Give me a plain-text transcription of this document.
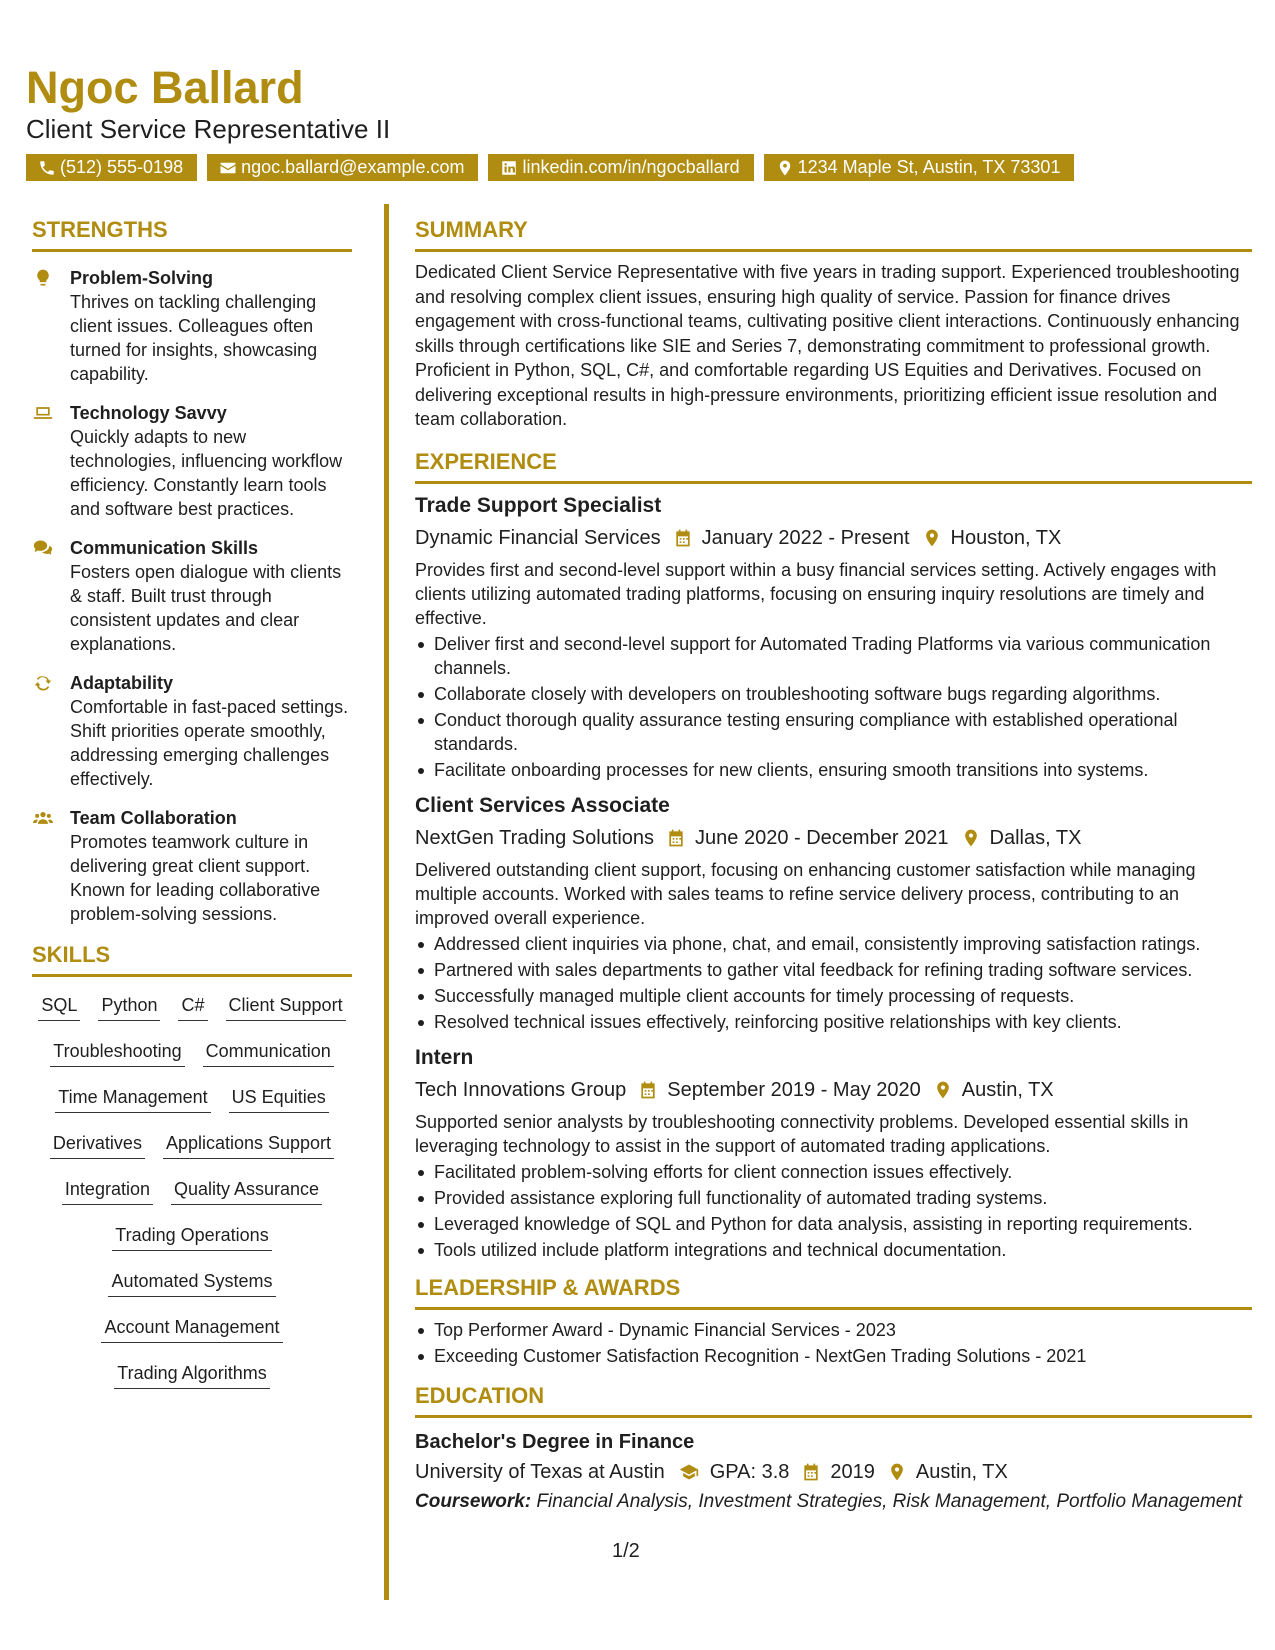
Ngoc Ballard
Client Service Representative II
(512) 555-0198	ngoc.ballard@example.com	linkedin.com/in/ngocballard	1234 Maple St, Austin, TX 73301
STRENGTHS
Problem-Solving
Thrives on tackling challenging client issues. Colleagues often turned for insights, showcasing capability.
Technology Savvy
Quickly adapts to new technologies, influencing workflow efficiency. Constantly learn tools and software best practices.
Communication Skills
Fosters open dialogue with clients & staff. Built trust through consistent updates and clear explanations.
Adaptability
Comfortable in fast-paced settings. Shift priorities operate smoothly, addressing emerging challenges effectively.
Team Collaboration
Promotes teamwork culture in delivering great client support. Known for leading collaborative problem-solving sessions.
SKILLS
SQL Python C# Client Support
Troubleshooting Communication
Time Management US Equities
Derivatives Applications Support
Integration Quality Assurance
Trading Operations
Automated Systems
Account Management
Trading Algorithms
SUMMARY
Dedicated Client Service Representative with five years in trading support. Experienced troubleshooting and resolving complex client issues, ensuring high quality of service. Passion for finance drives engagement with cross-functional teams, cultivating positive client interactions. Continuously enhancing skills through certifications like SIE and Series 7, demonstrating commitment to professional growth. Proficient in Python, SQL, C#, and comfortable regarding US Equities and Derivatives. Focused on delivering exceptional results in high-pressure environments, prioritizing efficient issue resolution and team collaboration.
EXPERIENCE
Trade Support Specialist
Dynamic Financial Services January 2022 - Present Houston, TX
Provides first and second-level support within a busy financial services setting. Actively engages with clients utilizing automated trading platforms, focusing on ensuring inquiry resolutions are timely and effective.
Deliver first and second-level support for Automated Trading Platforms via various communication channels.
Collaborate closely with developers on troubleshooting software bugs regarding algorithms.
Conduct thorough quality assurance testing ensuring compliance with established operational standards.
Facilitate onboarding processes for new clients, ensuring smooth transitions into systems.
Client Services Associate
NextGen Trading Solutions June 2020 - December 2021 Dallas, TX
Delivered outstanding client support, focusing on enhancing customer satisfaction while managing multiple accounts. Worked with sales teams to refine service delivery process, contributing to an improved overall experience.
Addressed client inquiries via phone, chat, and email, consistently improving satisfaction ratings.
Partnered with sales departments to gather vital feedback for refining trading software services.
Successfully managed multiple client accounts for timely processing of requests.
Resolved technical issues effectively, reinforcing positive relationships with key clients.
Intern
Tech Innovations Group September 2019 - May 2020 Austin, TX
Supported senior analysts by troubleshooting connectivity problems. Developed essential skills in leveraging technology to assist in the support of automated trading applications.
Facilitated problem-solving efforts for client connection issues effectively.
Provided assistance exploring full functionality of automated trading systems.
Leveraged knowledge of SQL and Python for data analysis, assisting in reporting requirements.
Tools utilized include platform integrations and technical documentation.
LEADERSHIP & AWARDS
Top Performer Award - Dynamic Financial Services - 2023
Exceeding Customer Satisfaction Recognition - NextGen Trading Solutions - 2021
EDUCATION
Bachelor's Degree in Finance
University of Texas at Austin GPA: 3.8 2019 Austin, TX
Coursework: Financial Analysis, Investment Strategies, Risk Management, Portfolio Management
1/2
